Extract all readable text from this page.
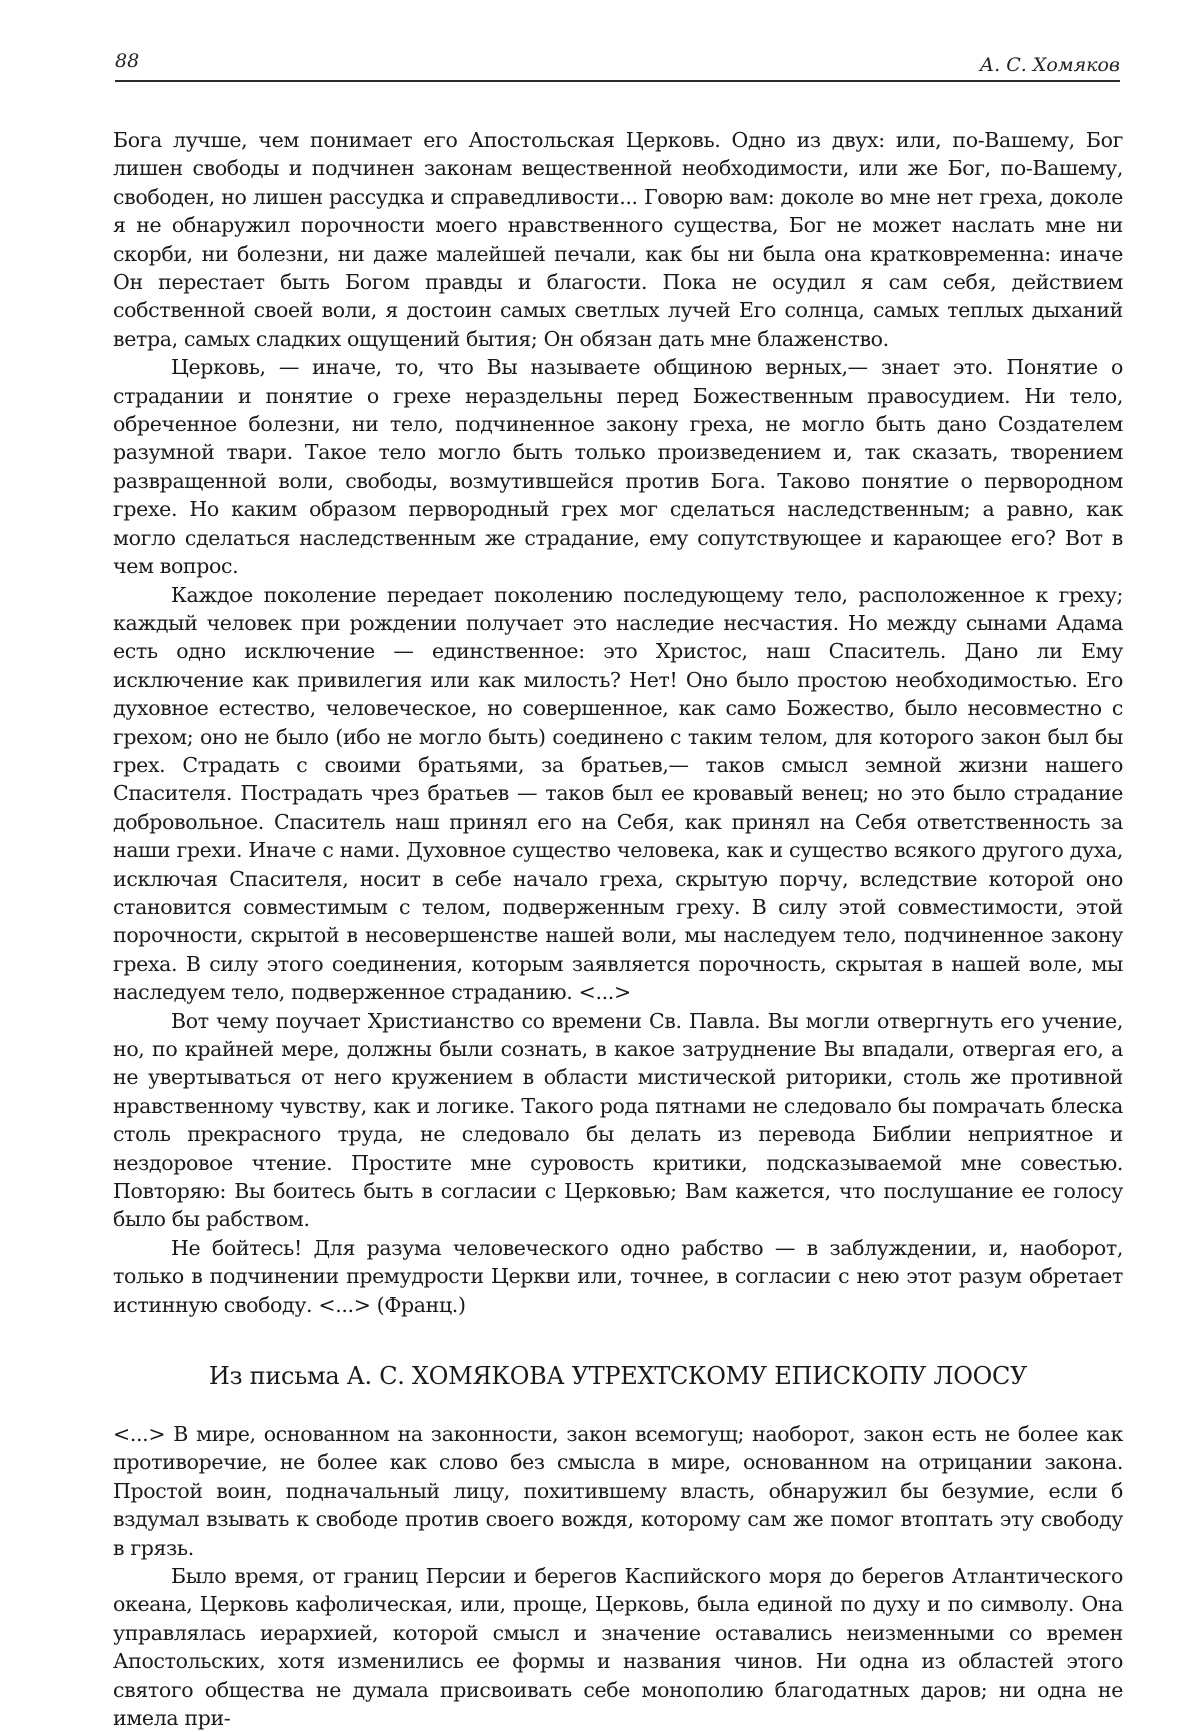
88	А. С. Хомяков

Бога лучше, чем понимает его Апостольская Церковь. Одно из двух: или, по-Вашему, Бог лишен свободы и подчинен законам вещественной необходимости, или же Бог, по-Вашему, свободен, но лишен рассудка и справедливости... Говорю вам: доколе во мне нет греха, доколе я не обнаружил порочности моего нравственного существа, Бог не может наслать мне ни скорби, ни болезни, ни даже малейшей печали, как бы ни была она кратковременна: иначе Он перестает быть Богом правды и благости. Пока не осудил я сам себя, действием собственной своей воли, я достоин самых светлых лучей Его солнца, самых теплых дыханий ветра, самых сладких ощущений бытия; Он обязан дать мне блаженство.

Церковь, — иначе, то, что Вы называете общиною верных,— знает это. Понятие о страдании и понятие о грехе нераздельны перед Божественным правосудием. Ни тело, обреченное болезни, ни тело, подчиненное закону греха, не могло быть дано Создателем разумной твари. Такое тело могло быть только произведением и, так сказать, творением развращенной воли, свободы, возмутившейся против Бога. Таково понятие о первородном грехе. Но каким образом первородный грех мог сделаться наследственным; а равно, как могло сделаться наследственным же страдание, ему сопутствующее и карающее его? Вот в чем вопрос.

Каждое поколение передает поколению последующему тело, расположенное к греху; каждый человек при рождении получает это наследие несчастия. Но между сынами Адама есть одно исключение — единственное: это Христос, наш Спаситель. Дано ли Ему исключение как привилегия или как милость? Нет! Оно было простою необходимостью. Его духовное естество, человеческое, но совершенное, как само Божество, было несовместно с грехом; оно не было (ибо не могло быть) соединено с таким телом, для которого закон был бы грех. Страдать с своими братьями, за братьев,— таков смысл земной жизни нашего Спасителя. Пострадать чрез братьев — таков был ее кровавый венец; но это было страдание добровольное. Спаситель наш принял его на Себя, как принял на Себя ответственность за наши грехи. Иначе с нами. Духовное существо человека, как и существо всякого другого духа, исключая Спасителя, носит в себе начало греха, скрытую порчу, вследствие которой оно становится совместимым с телом, подверженным греху. В силу этой совместимости, этой порочности, скрытой в несовершенстве нашей воли, мы наследуем тело, подчиненное закону греха. В силу этого соединения, которым заявляется порочность, скрытая в нашей воле, мы наследуем тело, подверженное страданию. <...>

Вот чему поучает Христианство со времени Св. Павла. Вы могли отвергнуть его учение, но, по крайней мере, должны были сознать, в какое затруднение Вы впадали, отвергая его, а не увертываться от него кружением в области мистической риторики, столь же противной нравственному чувству, как и логике. Такого рода пятнами не следовало бы помрачать блеска столь прекрасного труда, не следовало бы делать из перевода Библии неприятное и нездоровое чтение. Простите мне суровость критики, подсказываемой мне совестью. Повторяю: Вы боитесь быть в согласии с Церковью; Вам кажется, что послушание ее голосу было бы рабством.

Не бойтесь! Для разума человеческого одно рабство — в заблуждении, и, наоборот, только в подчинении премудрости Церкви или, точнее, в согласии с нею этот разум обретает истинную свободу. <...> (Франц.)

Из письма А. С. ХОМЯКОВА УТРЕХТСКОМУ ЕПИСКОПУ ЛООСУ

<...> В мире, основанном на законности, закон всемогущ; наоборот, закон есть не более как противоречие, не более как слово без смысла в мире, основанном на отрицании закона. Простой воин, подначальный лицу, похитившему власть, обнаружил бы безумие, если б вздумал взывать к свободе против своего вождя, которому сам же помог втоптать эту свободу в грязь.

Было время, от границ Персии и берегов Каспийского моря до берегов Атлантического океана, Церковь кафолическая, или, проще, Церковь, была единой по духу и по символу. Она управлялась иерархией, которой смысл и значение оставались неизменными со времен Апостольских, хотя изменились ее формы и названия чинов. Ни одна из областей этого святого общества не думала присвоивать себе монополию благодатных даров; ни одна не имела при-
